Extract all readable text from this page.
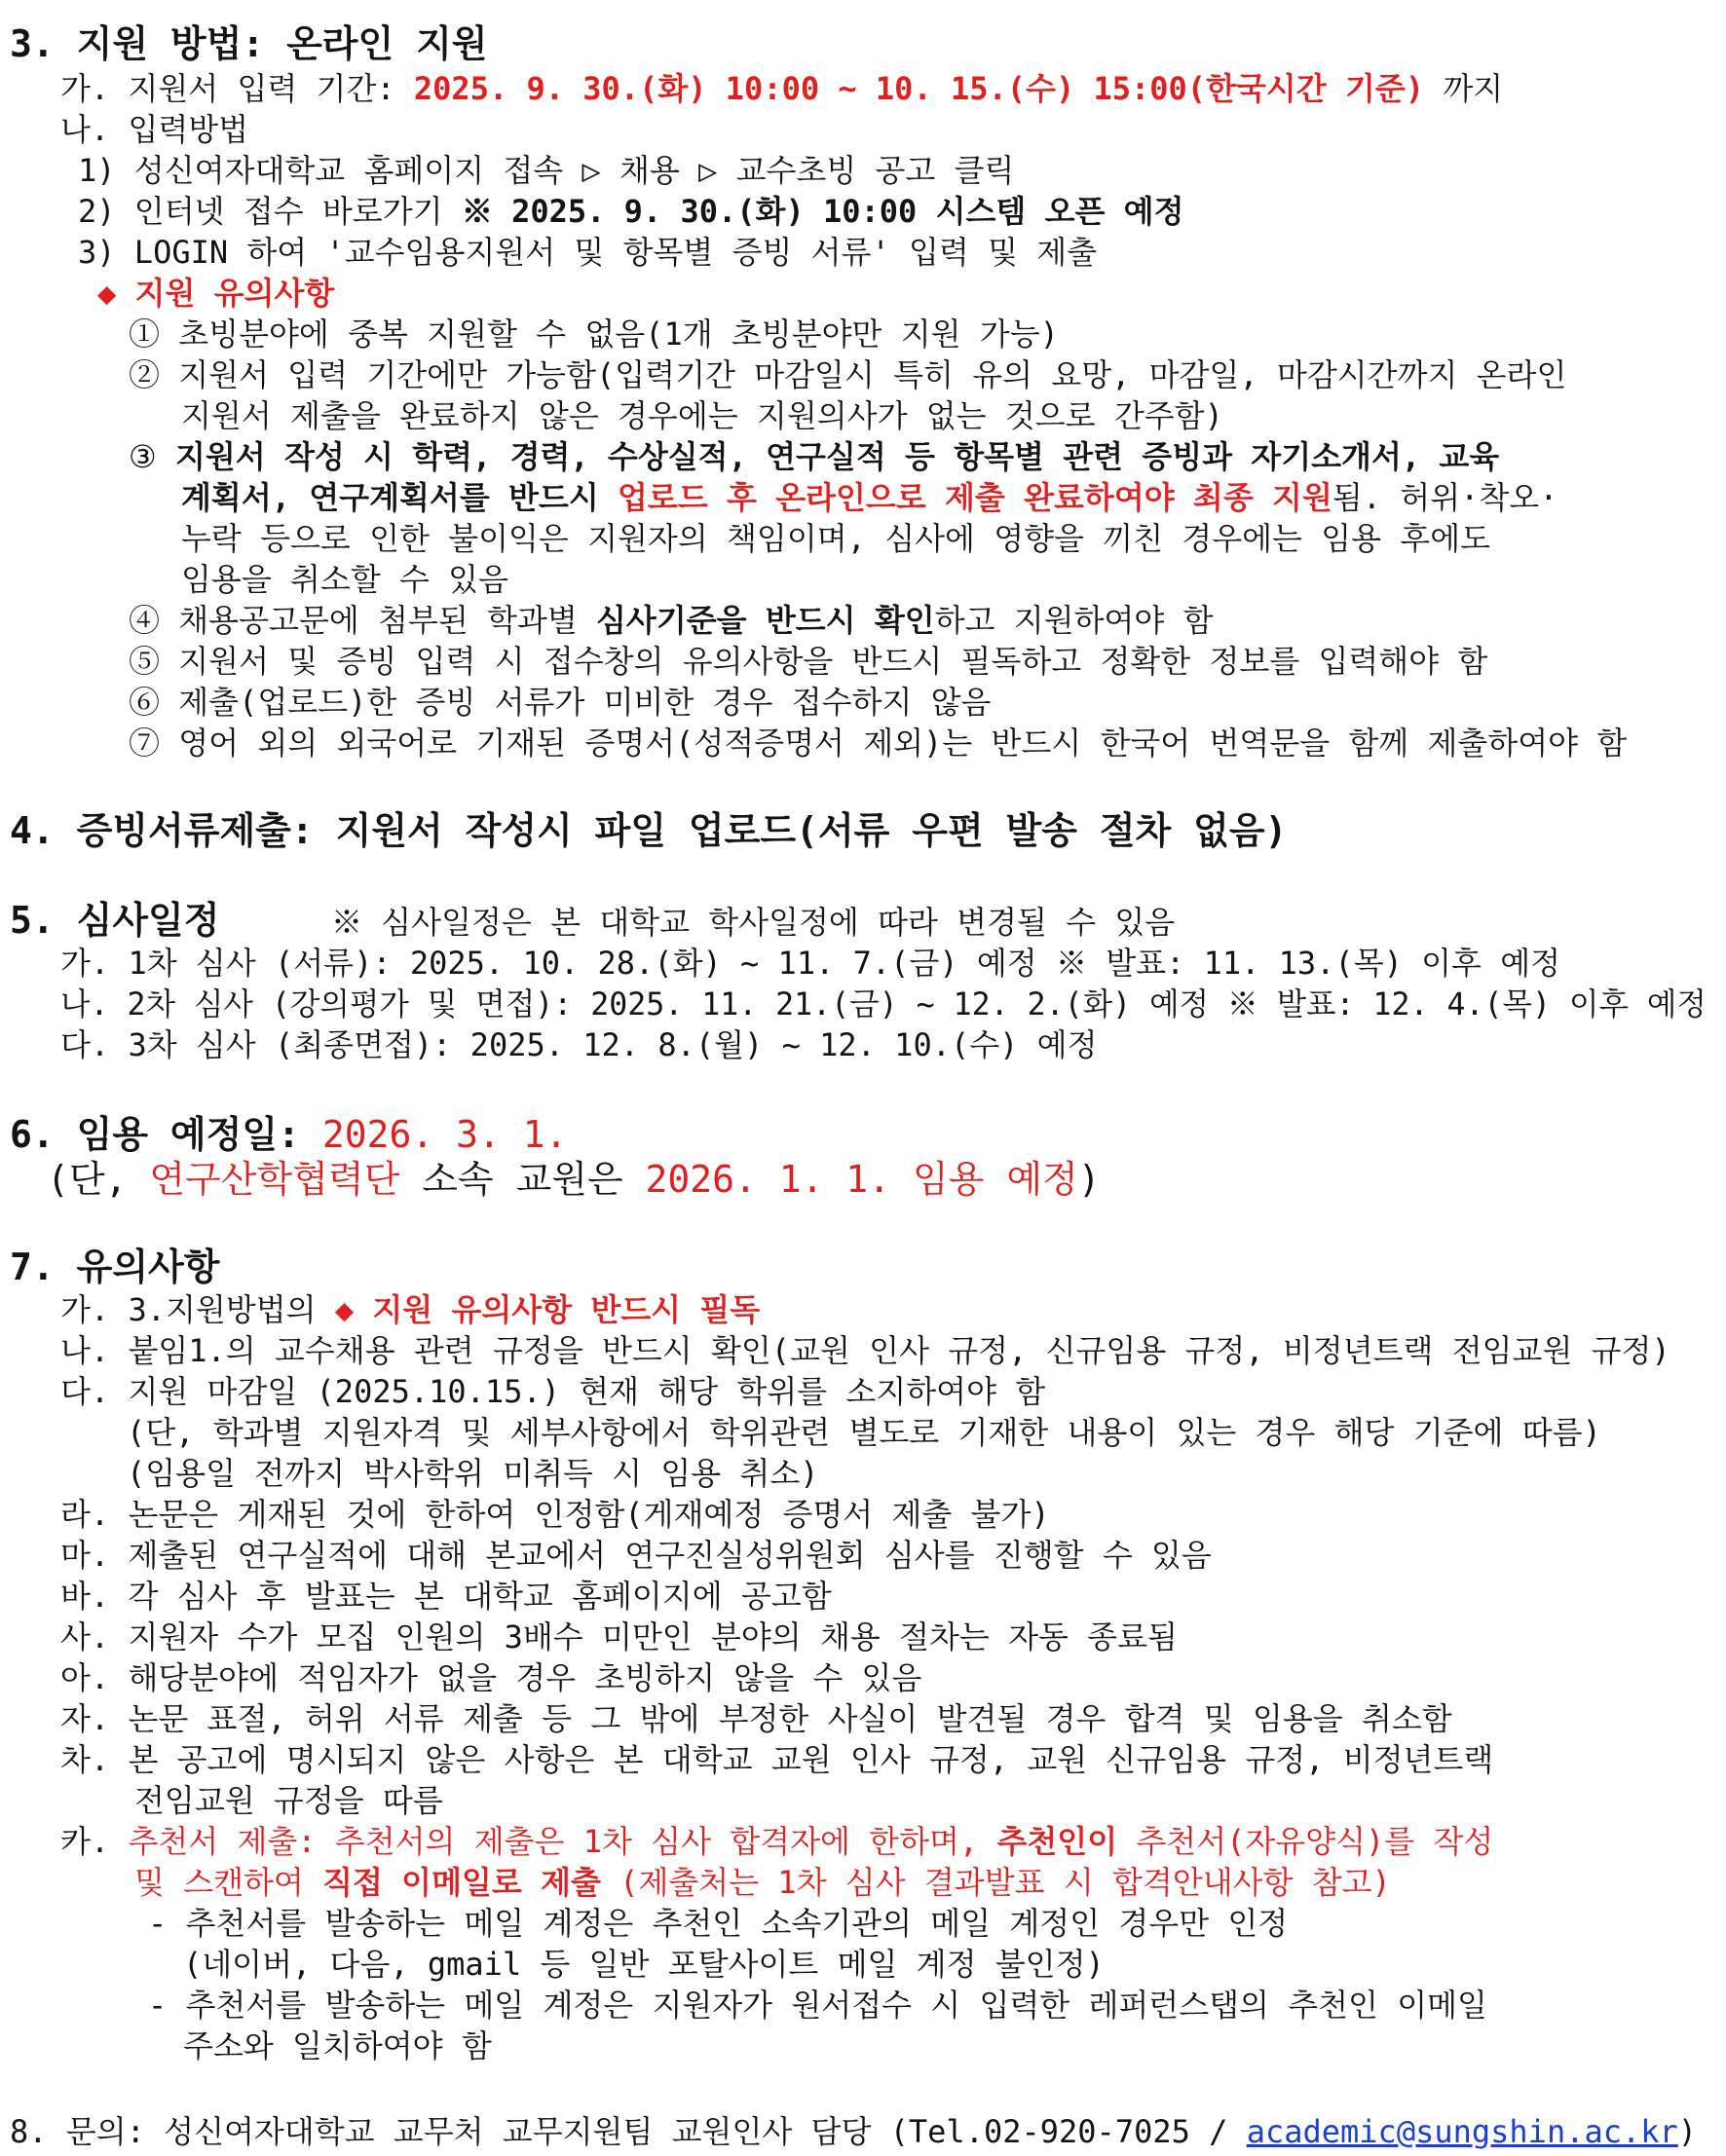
3. 지원 방법: 온라인 지원
가. 지원서 입력 기간: 2025. 9. 30.(화) 10:00 ~ 10. 15.(수) 15:00(한국시간 기준) 까지
나. 입력방법
1) 성신여자대학교 홈페이지 접속 ▷ 채용 ▷ 교수초빙 공고 클릭
2) 인터넷 접수 바로가기 ※ 2025. 9. 30.(화) 10:00 시스템 오픈 예정
3) LOGIN 하여 '교수임용지원서 및 항목별 증빙 서류' 입력 및 제출
◆ 지원 유의사항
① 초빙분야에 중복 지원할 수 없음(1개 초빙분야만 지원 가능)
② 지원서 입력 기간에만 가능함(입력기간 마감일시 특히 유의 요망, 마감일, 마감시간까지 온라인
지원서 제출을 완료하지 않은 경우에는 지원의사가 없는 것으로 간주함)
③ 지원서 작성 시 학력, 경력, 수상실적, 연구실적 등 항목별 관련 증빙과 자기소개서, 교육
계획서, 연구계획서를 반드시 업로드 후 온라인으로 제출 완료하여야 최종 지원됨. 허위·착오·
누락 등으로 인한 불이익은 지원자의 책임이며, 심사에 영향을 끼친 경우에는 임용 후에도
임용을 취소할 수 있음
④ 채용공고문에 첨부된 학과별 심사기준을 반드시 확인하고 지원하여야 함
⑤ 지원서 및 증빙 입력 시 접수창의 유의사항을 반드시 필독하고 정확한 정보를 입력해야 함
⑥ 제출(업로드)한 증빙 서류가 미비한 경우 접수하지 않음
⑦ 영어 외의 외국어로 기재된 증명서(성적증명서 제외)는 반드시 한국어 번역문을 함께 제출하여야 함
4. 증빙서류제출: 지원서 작성시 파일 업로드(서류 우편 발송 절차 없음)
5. 심사일정	※ 심사일정은 본 대학교 학사일정에 따라 변경될 수 있음
가. 1차 심사 (서류): 2025. 10. 28.(화) ~ 11. 7.(금) 예정 ※ 발표: 11. 13.(목) 이후 예정
나. 2차 심사 (강의평가 및 면접): 2025. 11. 21.(금) ~ 12. 2.(화) 예정 ※ 발표: 12. 4.(목) 이후 예정
다. 3차 심사 (최종면접): 2025. 12. 8.(월) ~ 12. 10.(수) 예정
6. 임용 예정일: 2026. 3. 1.
(단, 연구산학협력단 소속 교원은 2026. 1. 1. 임용 예정)
7. 유의사항
가. 3.지원방법의 ◆ 지원 유의사항 반드시 필독
나. 붙임1.의 교수채용 관련 규정을 반드시 확인(교원 인사 규정, 신규임용 규정, 비정년트랙 전임교원 규정)
다. 지원 마감일 (2025.10.15.) 현재 해당 학위를 소지하여야 함
(단, 학과별 지원자격 및 세부사항에서 학위관련 별도로 기재한 내용이 있는 경우 해당 기준에 따름)
(임용일 전까지 박사학위 미취득 시 임용 취소)
라. 논문은 게재된 것에 한하여 인정함(게재예정 증명서 제출 불가)
마. 제출된 연구실적에 대해 본교에서 연구진실성위원회 심사를 진행할 수 있음
바. 각 심사 후 발표는 본 대학교 홈페이지에 공고함
사. 지원자 수가 모집 인원의 3배수 미만인 분야의 채용 절차는 자동 종료됨
아. 해당분야에 적임자가 없을 경우 초빙하지 않을 수 있음
자. 논문 표절, 허위 서류 제출 등 그 밖에 부정한 사실이 발견될 경우 합격 및 임용을 취소함
차. 본 공고에 명시되지 않은 사항은 본 대학교 교원 인사 규정, 교원 신규임용 규정, 비정년트랙
전임교원 규정을 따름
카. 추천서 제출: 추천서의 제출은 1차 심사 합격자에 한하며, 추천인이 추천서(자유양식)를 작성
및 스캔하여 직접 이메일로 제출 (제출처는 1차 심사 결과발표 시 합격안내사항 참고)
- 추천서를 발송하는 메일 계정은 추천인 소속기관의 메일 계정인 경우만 인정
(네이버, 다음, gmail 등 일반 포탈사이트 메일 계정 불인정)
- 추천서를 발송하는 메일 계정은 지원자가 원서접수 시 입력한 레퍼런스탭의 추천인 이메일
주소와 일치하여야 함
8. 문의: 성신여자대학교 교무처 교무지원팀 교원인사 담당 (Tel.02-920-7025 / academic@sungshin.ac.kr)
